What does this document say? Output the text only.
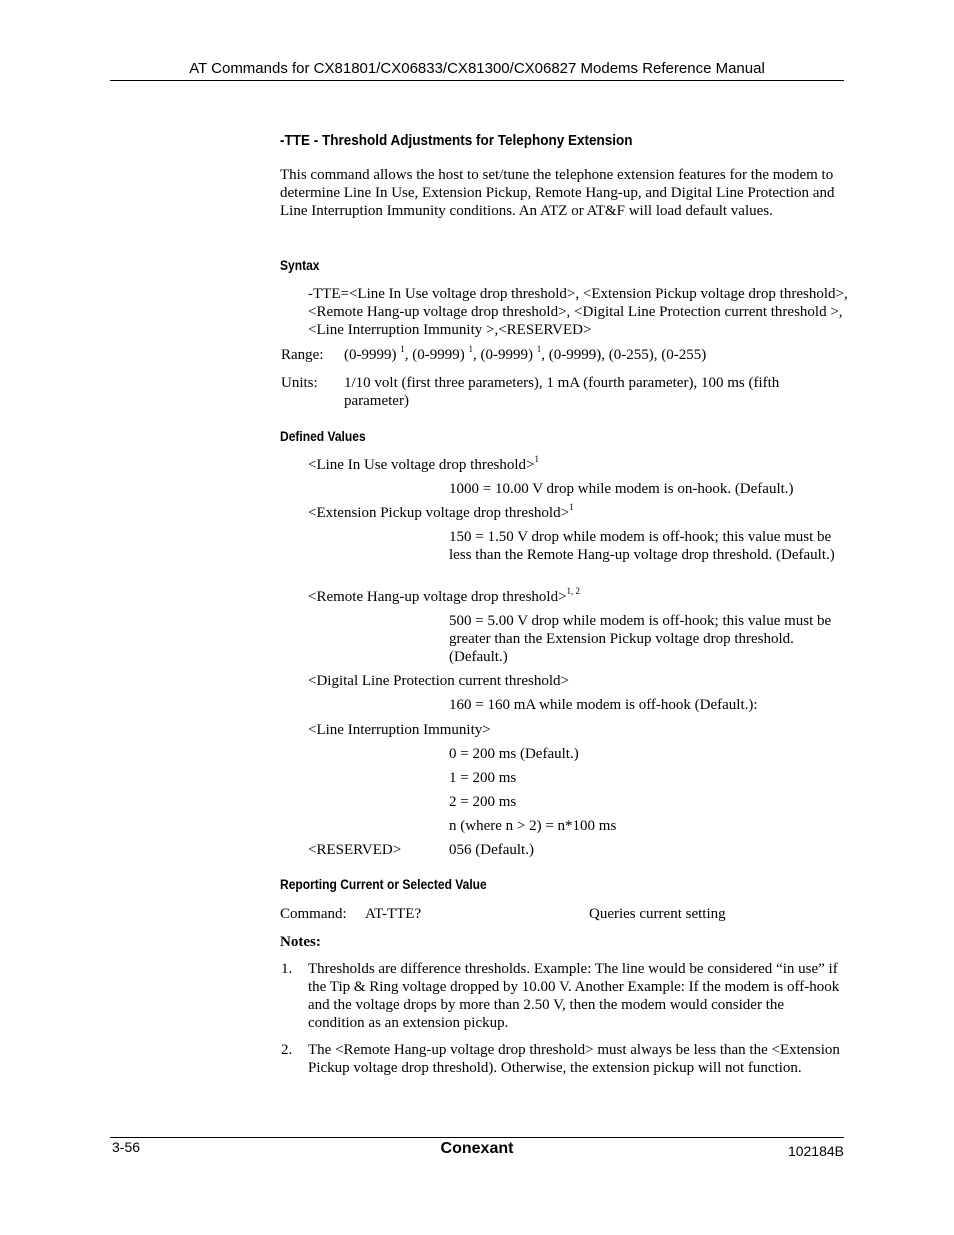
AT Commands for CX81801/CX06833/CX81300/CX06827 Modems Reference Manual
-TTE - Threshold Adjustments for Telephony Extension
This command allows the host to set/tune the telephone extension features for the modem to determine Line In Use, Extension Pickup, Remote Hang-up, and Digital Line Protection and Line Interruption Immunity conditions. An ATZ or AT&F will load default values.
Syntax
-TTE=<Line In Use voltage drop threshold>, <Extension Pickup voltage drop threshold>, <Remote Hang-up voltage drop threshold>, <Digital Line Protection current threshold >, <Line Interruption Immunity >,<RESERVED>
Range: (0-9999) $^1$, (0-9999) $^1$, (0-9999) $^1$, (0-9999), (0-255), (0-255)
Units: 1/10 volt (first three parameters), 1 mA (fourth parameter), 100 ms (fifth parameter)
Defined Values
<Line In Use voltage drop threshold>$^1$
1000 = 10.00 V drop while modem is on-hook. (Default.)
<Extension Pickup voltage drop threshold>$^1$
150 = 1.50 V drop while modem is off-hook; this value must be less than the Remote Hang-up voltage drop threshold. (Default.)
<Remote Hang-up voltage drop threshold>$^{1, 2}$
500 = 5.00 V drop while modem is off-hook; this value must be greater than the Extension Pickup voltage drop threshold. (Default.)
<Digital Line Protection current threshold>
160 = 160 mA while modem is off-hook (Default.):
<Line Interruption Immunity>
0 = 200 ms (Default.)
1 = 200 ms
2 = 200 ms
n (where n > 2) = n*100 ms
<RESERVED>	056 (Default.)
Reporting Current or Selected Value
Command: AT-TTE?	Queries current setting
Notes:
1. Thresholds are difference thresholds. Example: The line would be considered “in use” if the Tip & Ring voltage dropped by 10.00 V. Another Example: If the modem is off-hook and the voltage drops by more than 2.50 V, then the modem would consider the condition as an extension pickup.
2. The <Remote Hang-up voltage drop threshold> must always be less than the <Extension Pickup voltage drop threshold). Otherwise, the extension pickup will not function.
3-56	Conexant	102184B
